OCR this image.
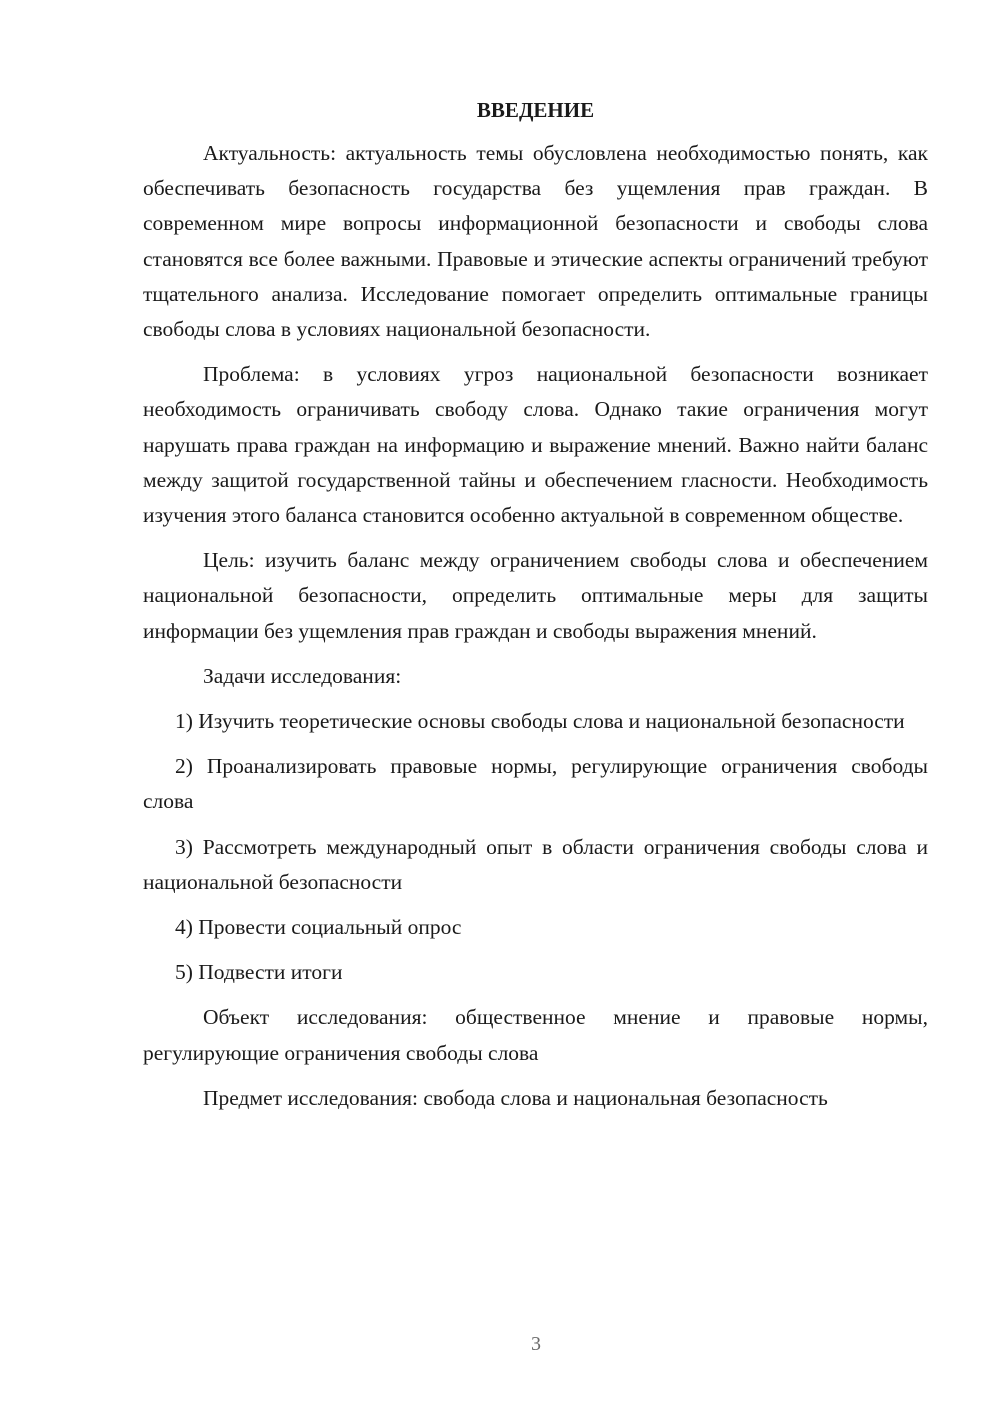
ВВЕДЕНИЕ

Актуальность: актуальность темы обусловлена необходимостью понять, как обеспечивать безопасность государства без ущемления прав граждан. В современном мире вопросы информационной безопасности и свободы слова становятся все более важными. Правовые и этические аспекты ограничений требуют тщательного анализа. Исследование помогает определить оптимальные границы свободы слова в условиях национальной безопасности.

Проблема: в условиях угроз национальной безопасности возникает необходимость ограничивать свободу слова. Однако такие ограничения могут нарушать права граждан на информацию и выражение мнений. Важно найти баланс между защитой государственной тайны и обеспечением гласности. Необходимость изучения этого баланса становится особенно актуальной в современном обществе.

Цель: изучить баланс между ограничением свободы слова и обеспечением национальной безопасности, определить оптимальные меры для защиты информации без ущемления прав граждан и свободы выражения мнений.

Задачи исследования:

1) Изучить теоретические основы свободы слова и национальной безопасности

2) Проанализировать правовые нормы, регулирующие ограничения свободы слова

3) Рассмотреть международный опыт в области ограничения свободы слова и национальной безопасности

4) Провести социальный опрос

5) Подвести итоги

Объект исследования: общественное мнение и правовые нормы, регулирующие ограничения свободы слова

Предмет исследования: свобода слова и национальная безопасность

3
